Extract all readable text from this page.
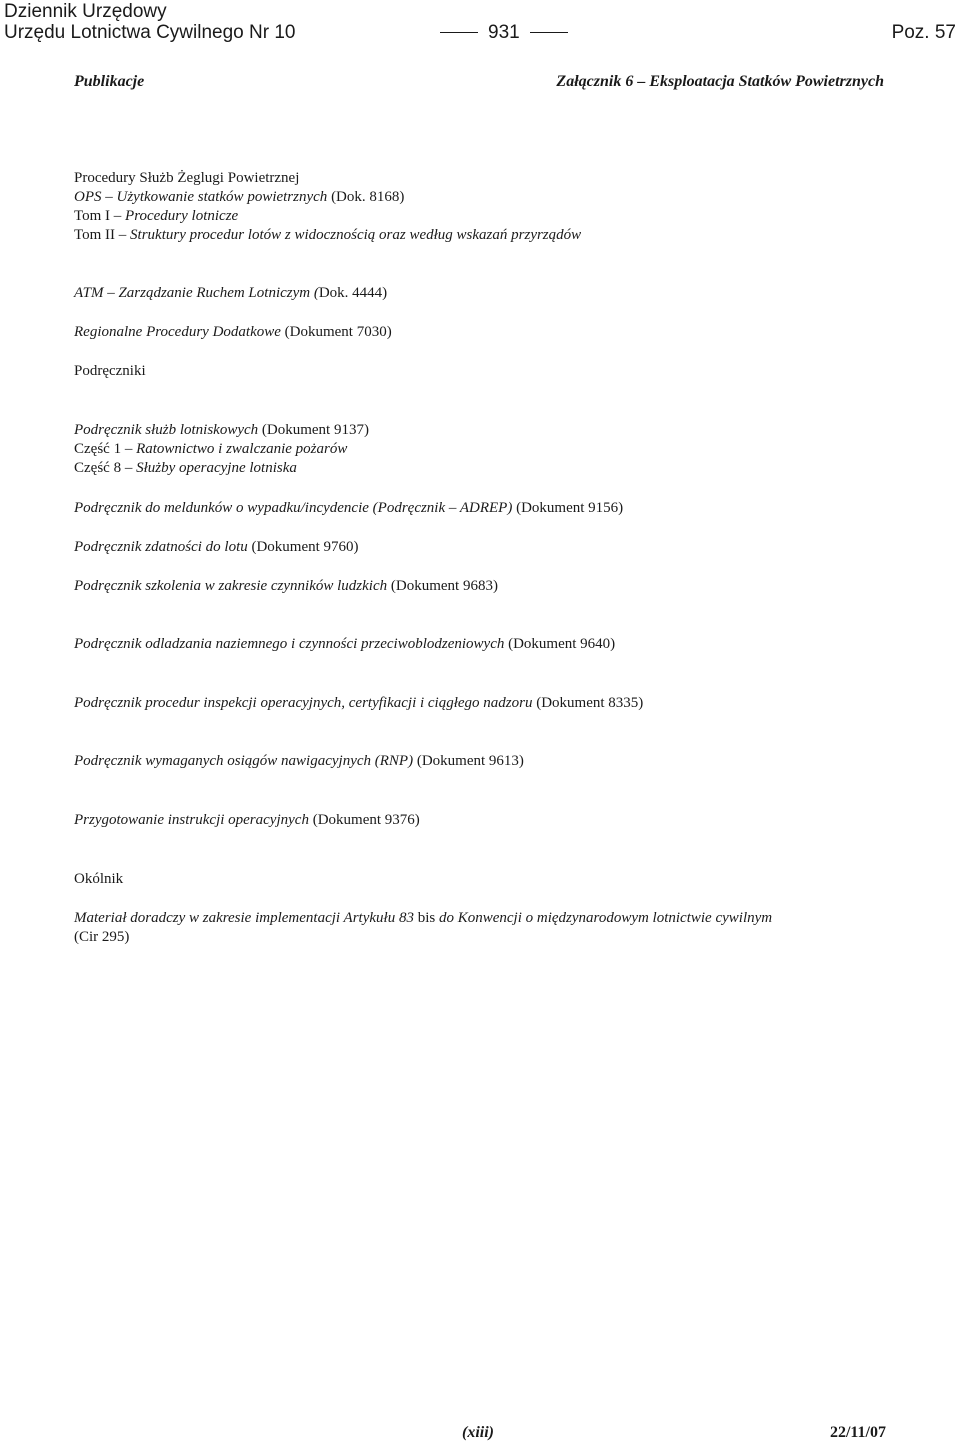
Dziennik Urzędowy
Urzędu Lotnictwa Cywilnego Nr 10	931	Poz. 57
Publikacje	Załącznik 6 – Eksploatacja Statków Powietrznych
Procedury Służb Żeglugi Powietrznej
OPS – Użytkowanie statków powietrznych (Dok. 8168)
Tom I – Procedury lotnicze
Tom II – Struktury procedur lotów z widocznością oraz według wskazań przyrządów
ATM – Zarządzanie Ruchem Lotniczym (Dok. 4444)
Regionalne Procedury Dodatkowe (Dokument 7030)
Podręczniki
Podręcznik służb lotniskowych (Dokument 9137)
Część 1 – Ratownictwo i zwalczanie pożarów
Część 8 – Służby operacyjne lotniska
Podręcznik do meldunków o wypadku/incydencie (Podręcznik – ADREP) (Dokument 9156)
Podręcznik zdatności do lotu (Dokument 9760)
Podręcznik szkolenia w zakresie czynników ludzkich (Dokument 9683)
Podręcznik odladzania naziemnego i czynności przeciwoblodzeniowych (Dokument 9640)
Podręcznik procedur inspekcji operacyjnych, certyfikacji i ciągłego nadzoru (Dokument 8335)
Podręcznik wymaganych osiągów nawigacyjnych (RNP) (Dokument 9613)
Przygotowanie instrukcji operacyjnych (Dokument 9376)
Okólnik
Materiał doradczy w zakresie implementacji Artykułu 83 bis do Konwencji o międzynarodowym lotnictwie cywilnym
(Cir 295)
(xiii)	22/11/07
